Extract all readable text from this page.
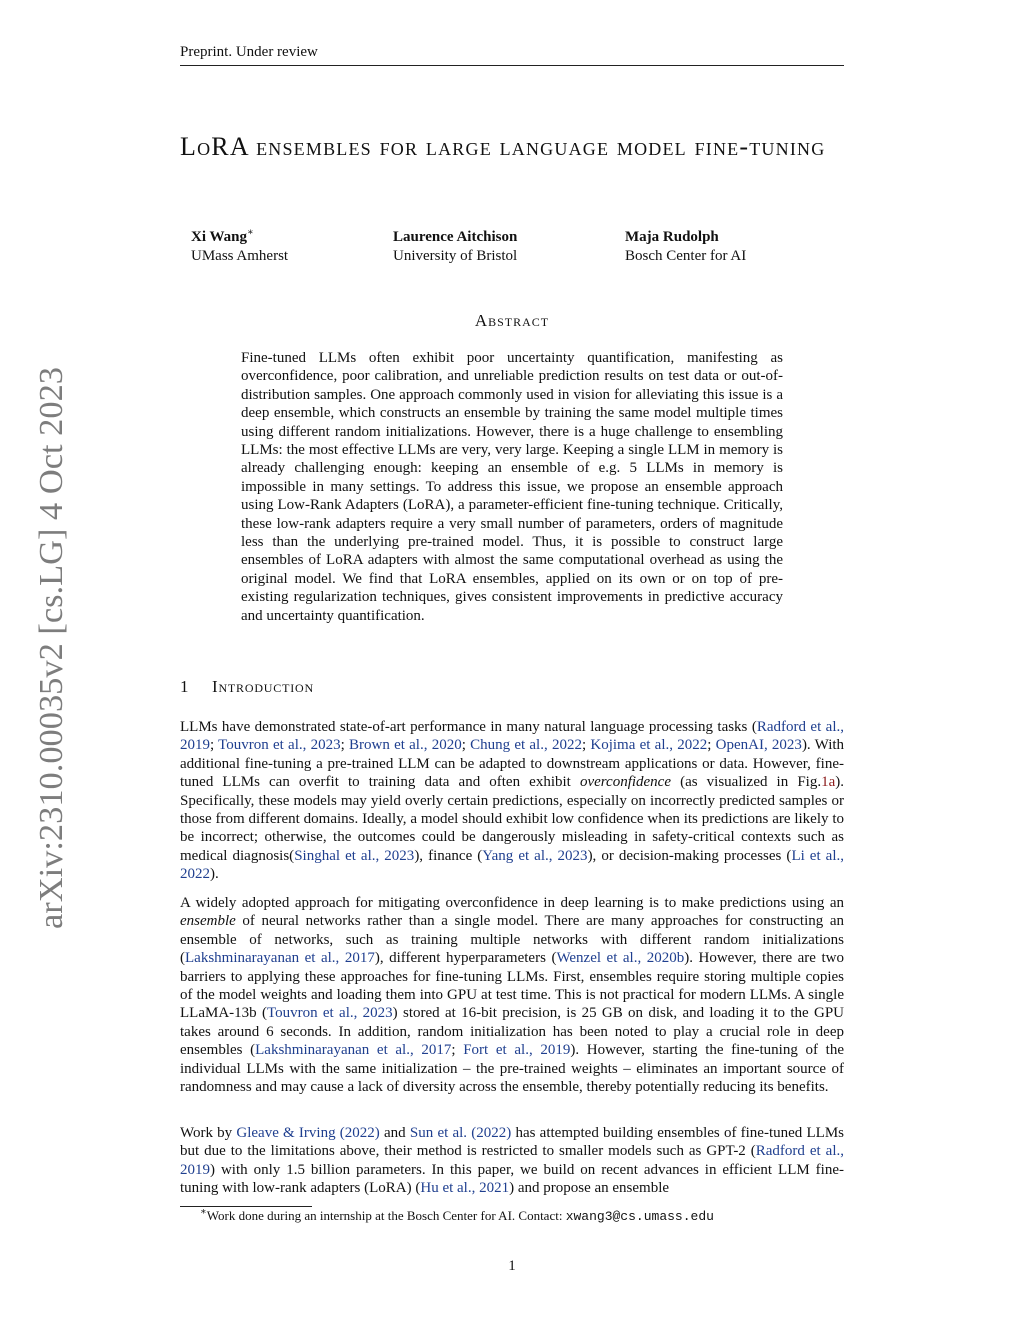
Preprint. Under review
arXiv:2310.00035v2 [cs.LG] 4 Oct 2023
LoRA ensembles for large language model fine-tuning
Xi Wang∗
UMass Amherst
Laurence Aitchison
University of Bristol
Maja Rudolph
Bosch Center for AI
Abstract
Fine-tuned LLMs often exhibit poor uncertainty quantification, manifesting as overconfidence, poor calibration, and unreliable prediction results on test data or out-of-distribution samples. One approach commonly used in vision for alleviating this issue is a deep ensemble, which constructs an ensemble by training the same model multiple times using different random initializations. However, there is a huge challenge to ensembling LLMs: the most effective LLMs are very, very large. Keeping a single LLM in memory is already challenging enough: keeping an ensemble of e.g. 5 LLMs in memory is impossible in many settings. To address this issue, we propose an ensemble approach using Low-Rank Adapters (LoRA), a parameter-efficient fine-tuning technique. Critically, these low-rank adapters require a very small number of parameters, orders of magnitude less than the underlying pre-trained model. Thus, it is possible to construct large ensembles of LoRA adapters with almost the same computational overhead as using the original model. We find that LoRA ensembles, applied on its own or on top of pre-existing regularization techniques, gives consistent improvements in predictive accuracy and uncertainty quantification.
1 Introduction
LLMs have demonstrated state-of-art performance in many natural language processing tasks (Radford et al., 2019; Touvron et al., 2023; Brown et al., 2020; Chung et al., 2022; Kojima et al., 2022; OpenAI, 2023). With additional fine-tuning a pre-trained LLM can be adapted to downstream applications or data. However, fine-tuned LLMs can overfit to training data and often exhibit overconfidence (as visualized in Fig.1a). Specifically, these models may yield overly certain predictions, especially on incorrectly predicted samples or those from different domains. Ideally, a model should exhibit low confidence when its predictions are likely to be incorrect; otherwise, the outcomes could be dangerously misleading in safety-critical contexts such as medical diagnosis(Singhal et al., 2023), finance (Yang et al., 2023), or decision-making processes (Li et al., 2022).
A widely adopted approach for mitigating overconfidence in deep learning is to make predictions using an ensemble of neural networks rather than a single model. There are many approaches for constructing an ensemble of networks, such as training multiple networks with different random initializations (Lakshminarayanan et al., 2017), different hyperparameters (Wenzel et al., 2020b). However, there are two barriers to applying these approaches for fine-tuning LLMs. First, ensembles require storing multiple copies of the model weights and loading them into GPU at test time. This is not practical for modern LLMs. A single LLaMA-13b (Touvron et al., 2023) stored at 16-bit precision, is 25 GB on disk, and loading it to the GPU takes around 6 seconds. In addition, random initialization has been noted to play a crucial role in deep ensembles (Lakshminarayanan et al., 2017; Fort et al., 2019). However, starting the fine-tuning of the individual LLMs with the same initialization – the pre-trained weights – eliminates an important source of randomness and may cause a lack of diversity across the ensemble, thereby potentially reducing its benefits.
Work by Gleave & Irving (2022) and Sun et al. (2022) has attempted building ensembles of fine-tuned LLMs but due to the limitations above, their method is restricted to smaller models such as GPT-2 (Radford et al., 2019) with only 1.5 billion parameters. In this paper, we build on recent advances in efficient LLM fine-tuning with low-rank adapters (LoRA) (Hu et al., 2021) and propose an ensemble
∗Work done during an internship at the Bosch Center for AI. Contact: xwang3@cs.umass.edu
1
